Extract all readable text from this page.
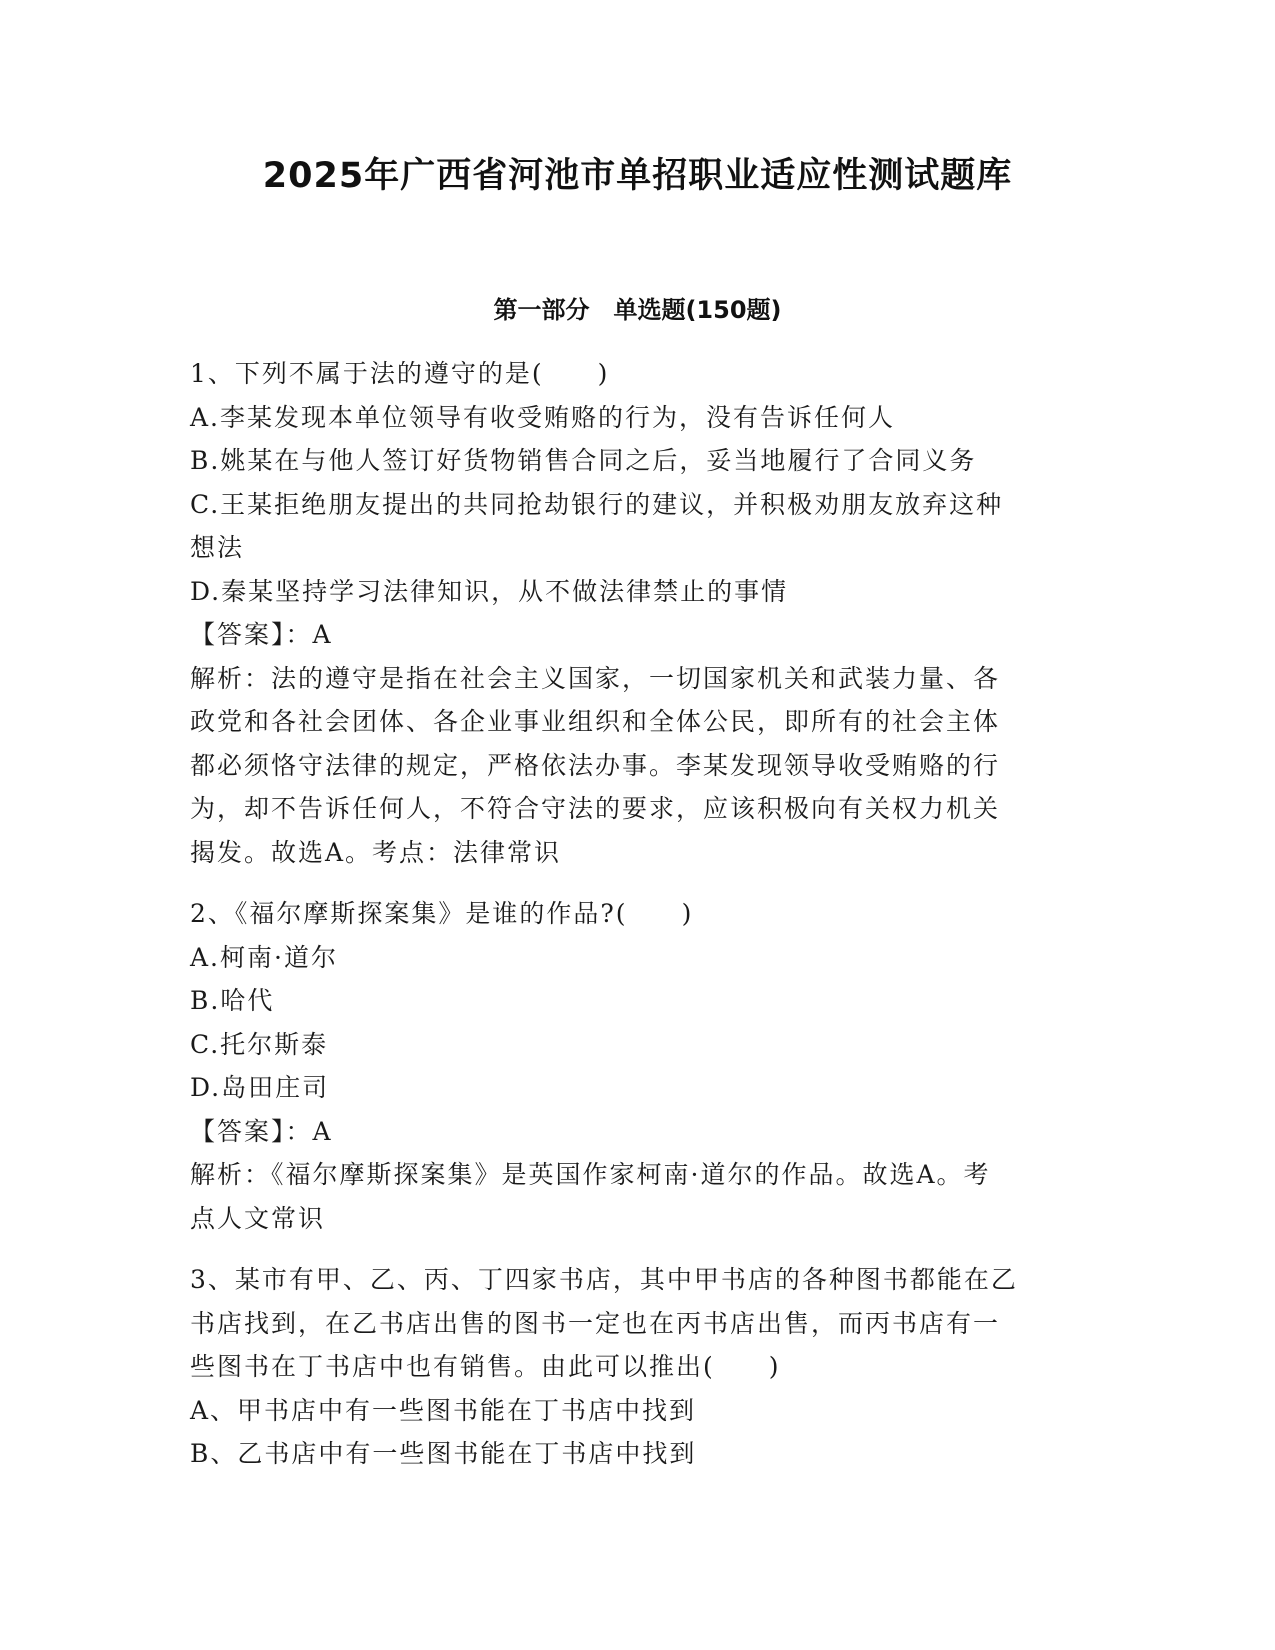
2025年广西省河池市单招职业适应性测试题库
第一部分　单选题(150题)
1、下列不属于法的遵守的是(　　)
A.李某发现本单位领导有收受贿赂的行为，没有告诉任何人
B.姚某在与他人签订好货物销售合同之后，妥当地履行了合同义务
C.王某拒绝朋友提出的共同抢劫银行的建议，并积极劝朋友放弃这种
想法
D.秦某坚持学习法律知识，从不做法律禁止的事情
【答案】：A
解析：法的遵守是指在社会主义国家，一切国家机关和武装力量、各
政党和各社会团体、各企业事业组织和全体公民，即所有的社会主体
都必须恪守法律的规定，严格依法办事。李某发现领导收受贿赂的行
为，却不告诉任何人，不符合守法的要求，应该积极向有关权力机关
揭发。故选A。考点：法律常识
2、《福尔摩斯探案集》是谁的作品?(　　)
A.柯南·道尔
B.哈代
C.托尔斯泰
D.岛田庄司
【答案】：A
解析：《福尔摩斯探案集》是英国作家柯南·道尔的作品。故选A。考
点人文常识
3、某市有甲、乙、丙、丁四家书店，其中甲书店的各种图书都能在乙
书店找到，在乙书店出售的图书一定也在丙书店出售，而丙书店有一
些图书在丁书店中也有销售。由此可以推出(　　)
A、甲书店中有一些图书能在丁书店中找到
B、乙书店中有一些图书能在丁书店中找到
